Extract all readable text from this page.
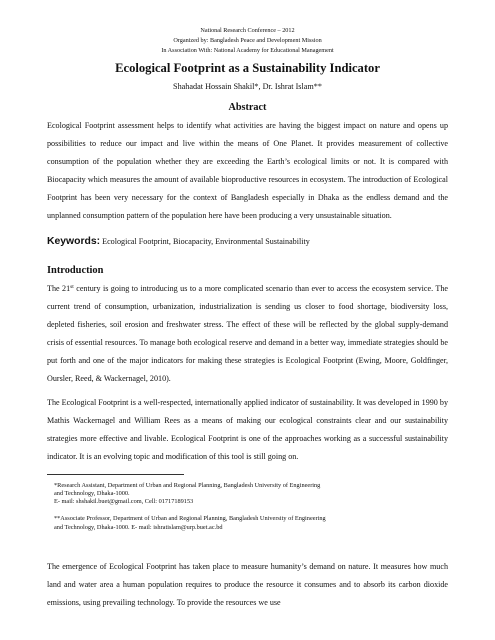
National Research Conference – 2012
Organized by: Bangladesh Peace and Development Mission
In Association With: National Academy for Educational Management
Ecological Footprint as a Sustainability Indicator
Shahadat Hossain Shakil*, Dr. Ishrat Islam**
Abstract

Ecological Footprint assessment helps to identify what activities are having the biggest impact on nature and opens up possibilities to reduce our impact and live within the means of One Planet. It provides measurement of collective consumption of the population whether they are exceeding the Earth’s ecological limits or not. It is compared with Biocapacity which measures the amount of available bioproductive resources in ecosystem. The introduction of Ecological Footprint has been very necessary for the context of Bangladesh especially in Dhaka as the endless demand and the unplanned consumption pattern of the population here have been producing a very unsustainable situation.

Keywords: Ecological Footprint, Biocapacity, Environmental Sustainability
Introduction

The 21st century is going to introducing us to a more complicated scenario than ever to access the ecosystem service. The current trend of consumption, urbanization, industrialization is sending us closer to food shortage, biodiversity loss, depleted fisheries, soil erosion and freshwater stress. The effect of these will be reflected by the global supply-demand crisis of essential resources. To manage both ecological reserve and demand in a better way, immediate strategies should be put forth and one of the major indicators for making these strategies is Ecological Footprint (Ewing, Moore, Goldfinger, Oursler, Reed, & Wackernagel, 2010).

The Ecological Footprint is a well-respected, internationally applied indicator of sustainability. It was developed in 1990 by Mathis Wackernagel and William Rees as a means of making our ecological constraints clear and our sustainability strategies more effective and livable. Ecological Footprint is one of the approaches working as a successful sustainability indicator. It is an evolving topic and modification of this tool is still going on.

*Research Assistant, Department of Urban and Regional Planning, Bangladesh University of Engineering
and Technology, Dhaka-1000.
E- mail: shshakil.buet@gmail.com, Cell: 01717189153

**Associate Professor, Department of Urban and Regional Planning, Bangladesh University of Engineering
and Technology, Dhaka-1000. E- mail: ishratislam@urp.buet.ac.bd

The emergence of Ecological Footprint has taken place to measure humanity’s demand on nature. It measures how much land and water area a human population requires to produce the resource it consumes and to absorb its carbon dioxide emissions, using prevailing technology. To provide the resources we use
